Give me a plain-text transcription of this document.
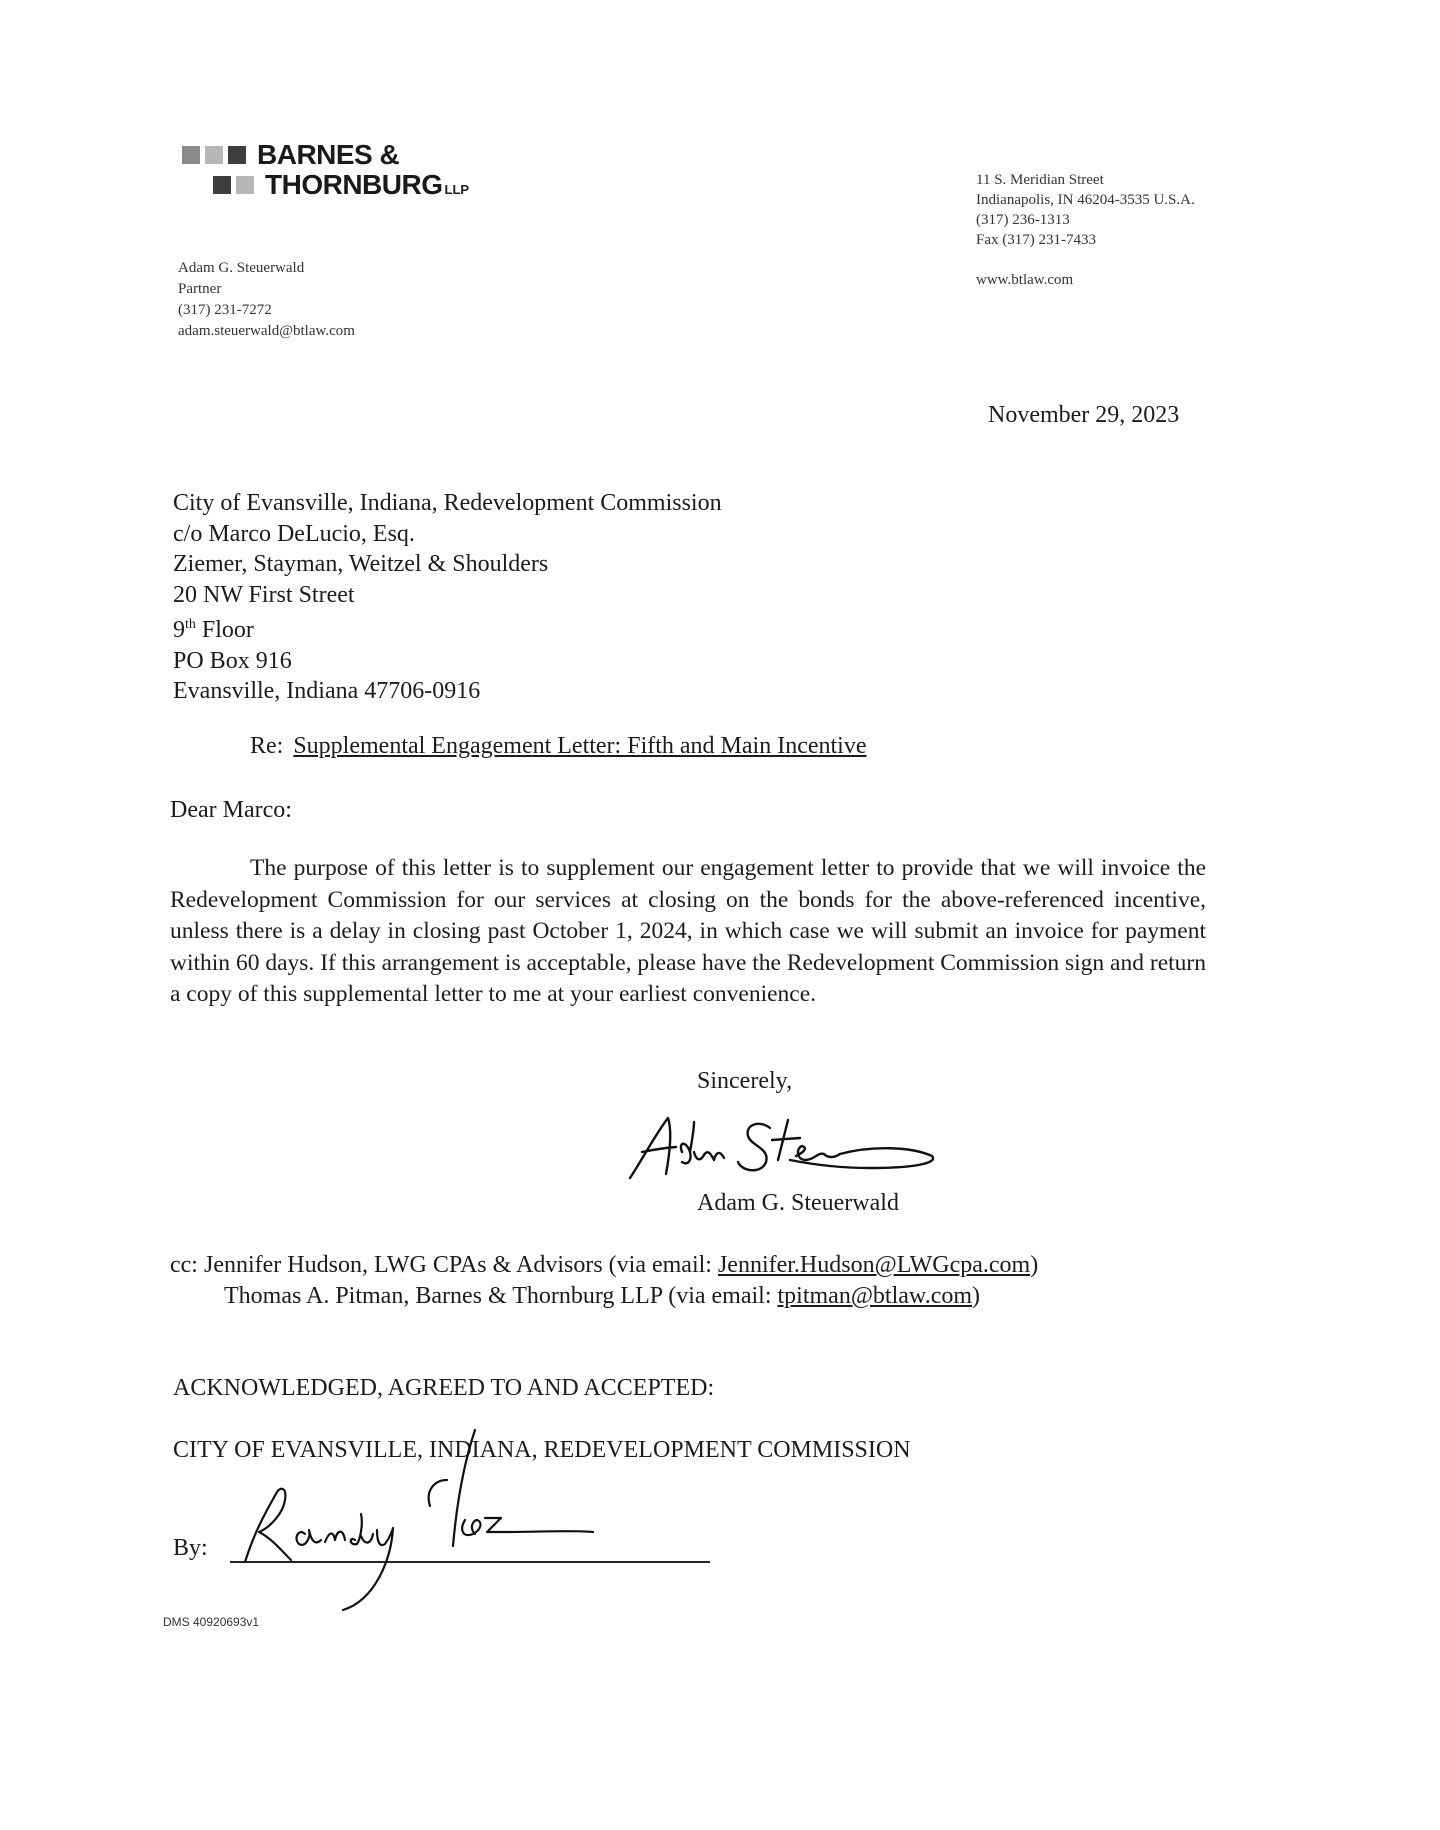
BARNES &
THORNBURG LLP
11 S. Meridian Street
Indianapolis, IN 46204-3535 U.S.A.
(317) 236-1313
Fax (317) 231-7433
www.btlaw.com
Adam G. Steuerwald
Partner
(317) 231-7272
adam.steuerwald@btlaw.com
November 29, 2023
City of Evansville, Indiana, Redevelopment Commission
c/o Marco DeLucio, Esq.
Ziemer, Stayman, Weitzel & Shoulders
20 NW First Street
9th Floor
PO Box 916
Evansville, Indiana 47706-0916
Re: Supplemental Engagement Letter: Fifth and Main Incentive
Dear Marco:
The purpose of this letter is to supplement our engagement letter to provide that we will invoice the Redevelopment Commission for our services at closing on the bonds for the above-referenced incentive, unless there is a delay in closing past October 1, 2024, in which case we will submit an invoice for payment within 60 days. If this arrangement is acceptable, please have the Redevelopment Commission sign and return a copy of this supplemental letter to me at your earliest convenience.
Sincerely,
Adam G. Steuerwald
cc: Jennifer Hudson, LWG CPAs & Advisors (via email: Jennifer.Hudson@LWGcpa.com)
Thomas A. Pitman, Barnes & Thornburg LLP (via email: tpitman@btlaw.com)
ACKNOWLEDGED, AGREED TO AND ACCEPTED:
CITY OF EVANSVILLE, INDIANA, REDEVELOPMENT COMMISSION
By:
DMS 40920693v1
